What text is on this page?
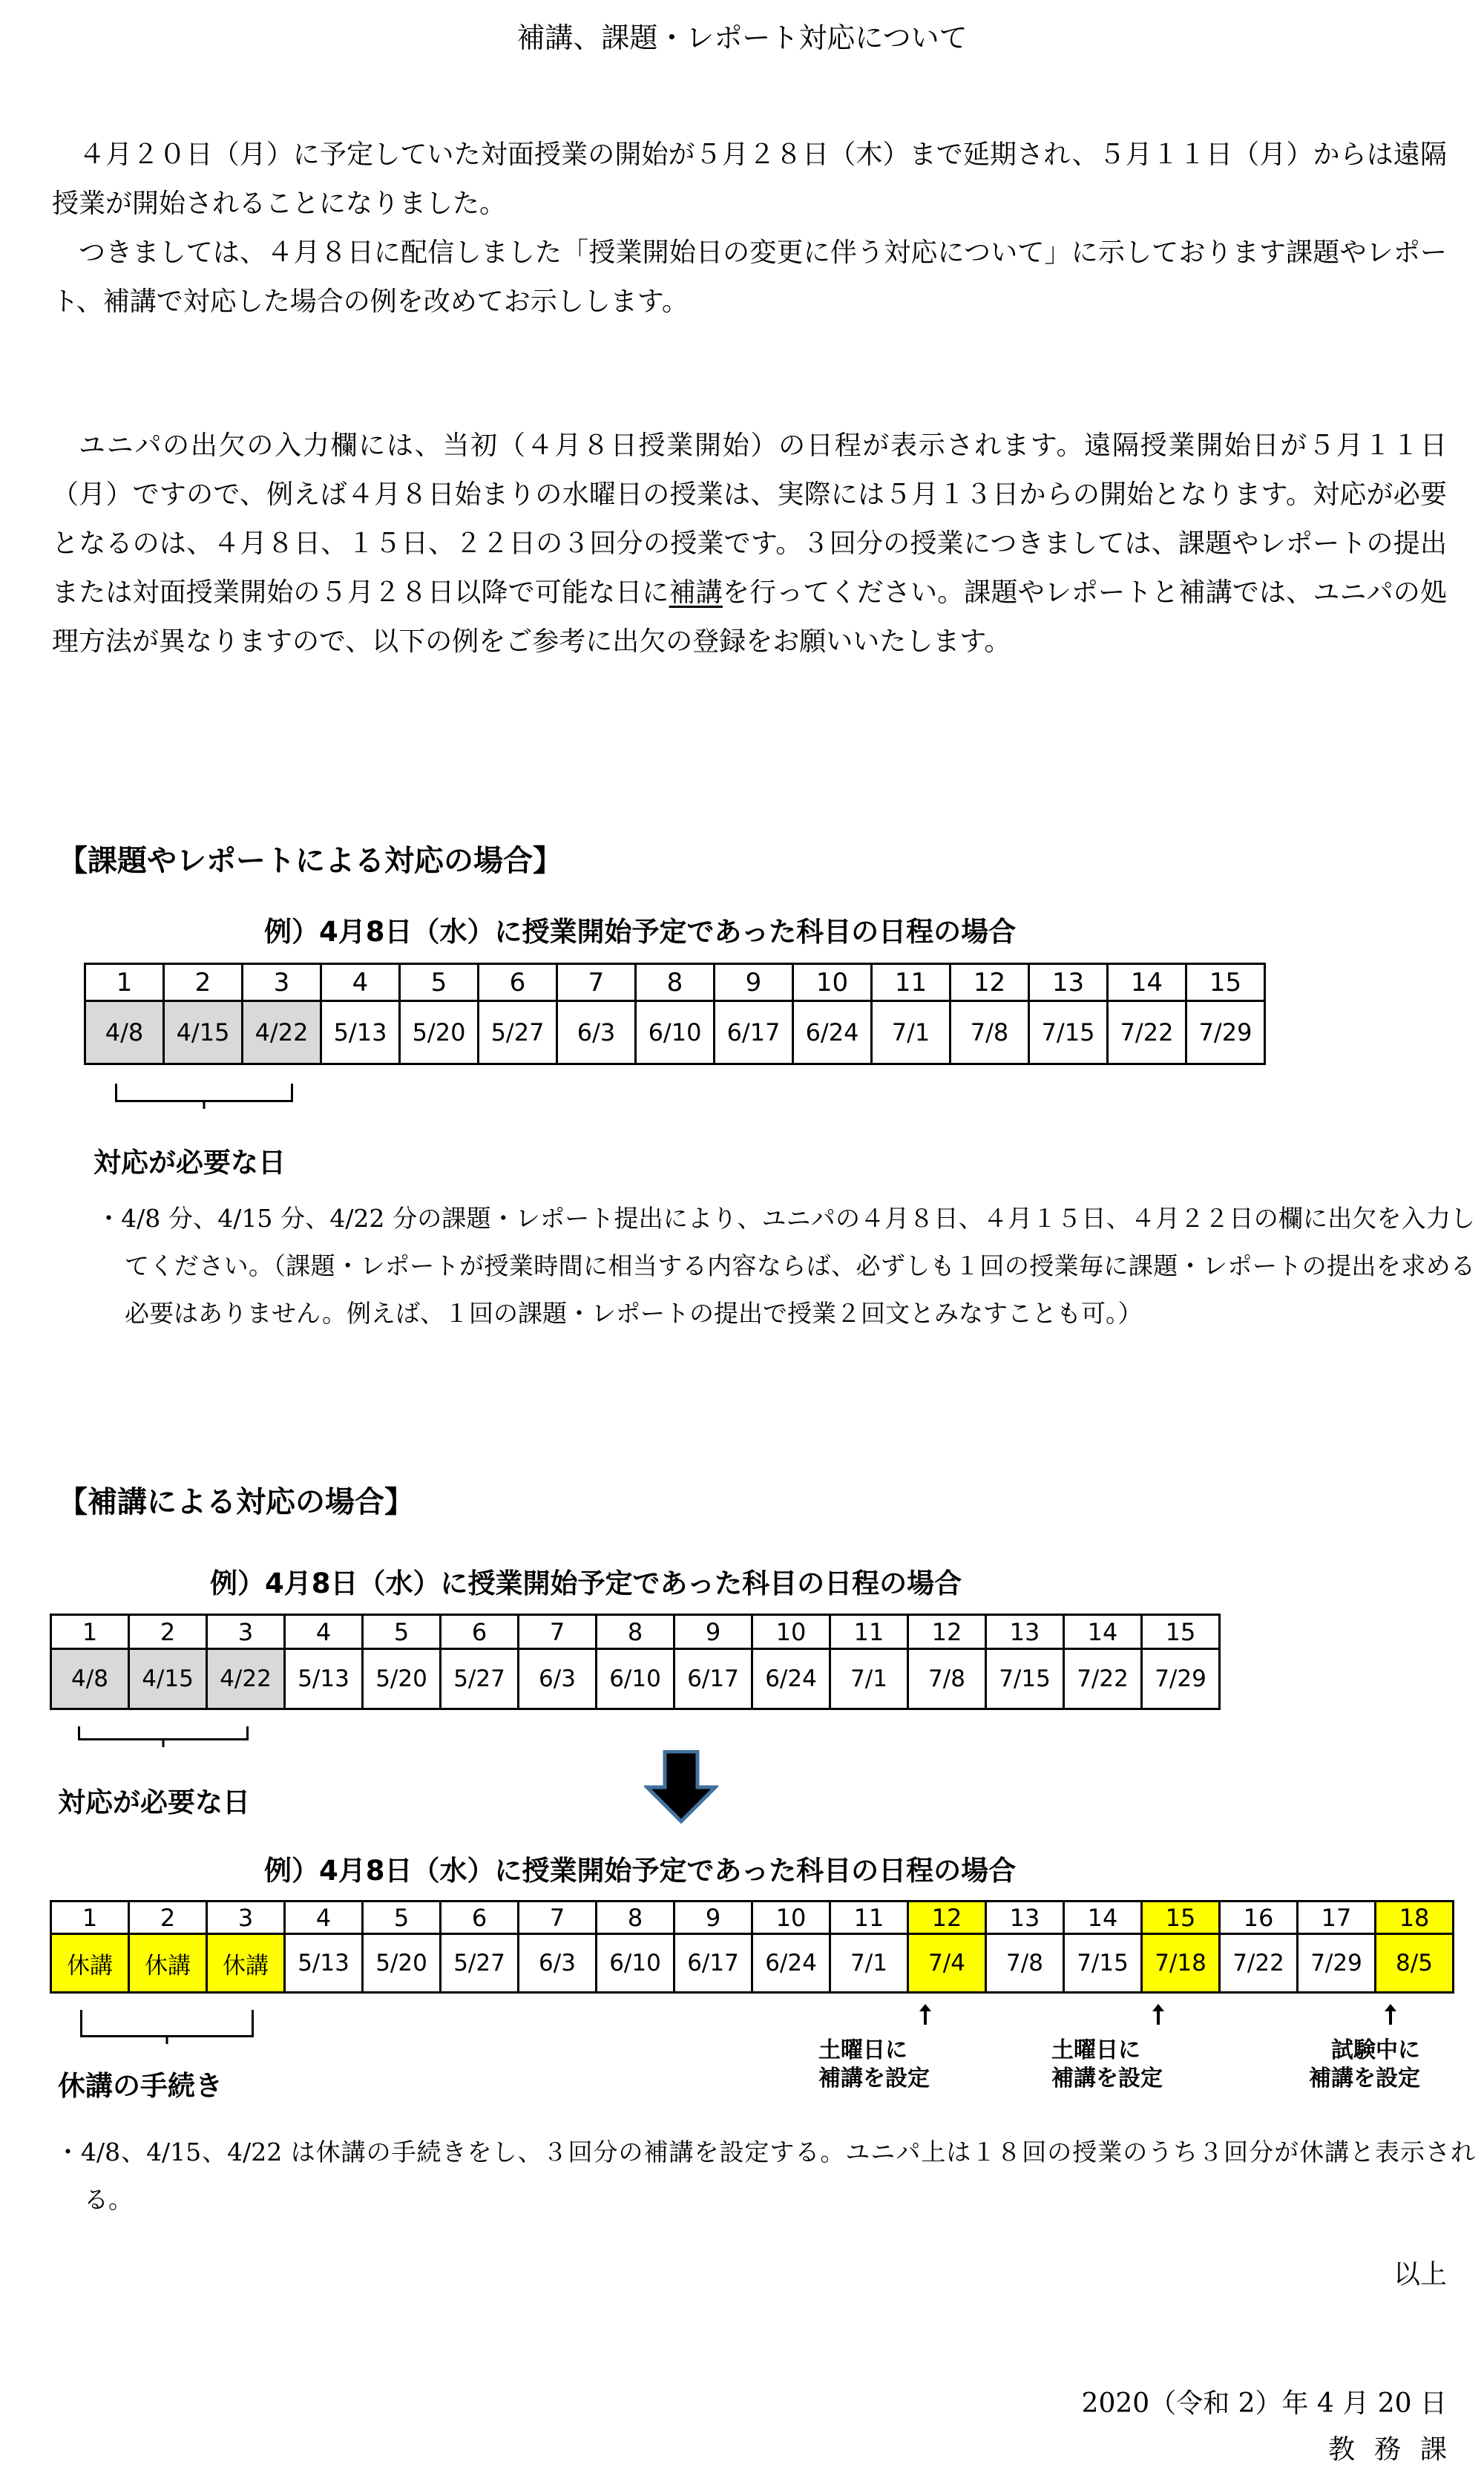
補講、課題・レポート対応について

４月２０日（月）に予定していた対面授業の開始が５月２８日（木）まで延期され、５月１１日（月）からは遠隔授業が開始されることになりました。

つきましては、４月８日に配信しました「授業開始日の変更に伴う対応について」に示しております課題やレポート、補講で対応した場合の例を改めてお示しします。

ユニパの出欠の入力欄には、当初（４月８日授業開始）の日程が表示されます。遠隔授業開始日が５月１１日（月）ですので、例えば４月８日始まりの水曜日の授業は、実際には５月１３日からの開始となります。対応が必要となるのは、４月８日、１５日、２２日の３回分の授業です。３回分の授業につきましては、課題やレポートの提出または対面授業開始の５月２８日以降で可能な日に補講を行ってください。課題やレポートと補講では、ユニパの処理方法が異なりますので、以下の例をご参考に出欠の登録をお願いいたします。

【課題やレポートによる対応の場合】
例）4月8日（水）に授業開始予定であった科目の日程の場合
1	2	3	4	5	6	7	8	9	10	11	12	13	14	15
4/8	4/15	4/22	5/13	5/20	5/27	6/3	6/10	6/17	6/24	7/1	7/8	7/15	7/22	7/29
対応が必要な日
・4/8 分、4/15 分、4/22 分の課題・レポート提出により、ユニパの４月８日、４月１５日、４月２２日の欄に出欠を入力してください。（課題・レポートが授業時間に相当する内容ならば、必ずしも１回の授業毎に課題・レポートの提出を求める必要はありません。例えば、１回の課題・レポートの提出で授業２回文とみなすことも可。）
【補講による対応の場合】
例）4月8日（水）に授業開始予定であった科目の日程の場合
1	2	3	4	5	6	7	8	9	10	11	12	13	14	15
4/8	4/15	4/22	5/13	5/20	5/27	6/3	6/10	6/17	6/24	7/1	7/8	7/15	7/22	7/29
対応が必要な日
例）4月8日（水）に授業開始予定であった科目の日程の場合
1	2	3	4	5	6	7	8	9	10	11	12	13	14	15	16	17	18
休講	休講	休講	5/13	5/20	5/27	6/3	6/10	6/17	6/24	7/1	7/4	7/8	7/15	7/18	7/22	7/29	8/5
休講の手続き
土曜日に
補講を設定
土曜日に
補講を設定
試験中に
補講を設定
・4/8、4/15、4/22 は休講の手続きをし、３回分の補講を設定する。ユニパ上は１８回の授業のうち３回分が休講と表示される。
以上
2020（令和 2）年 4 月 20 日
教務課
